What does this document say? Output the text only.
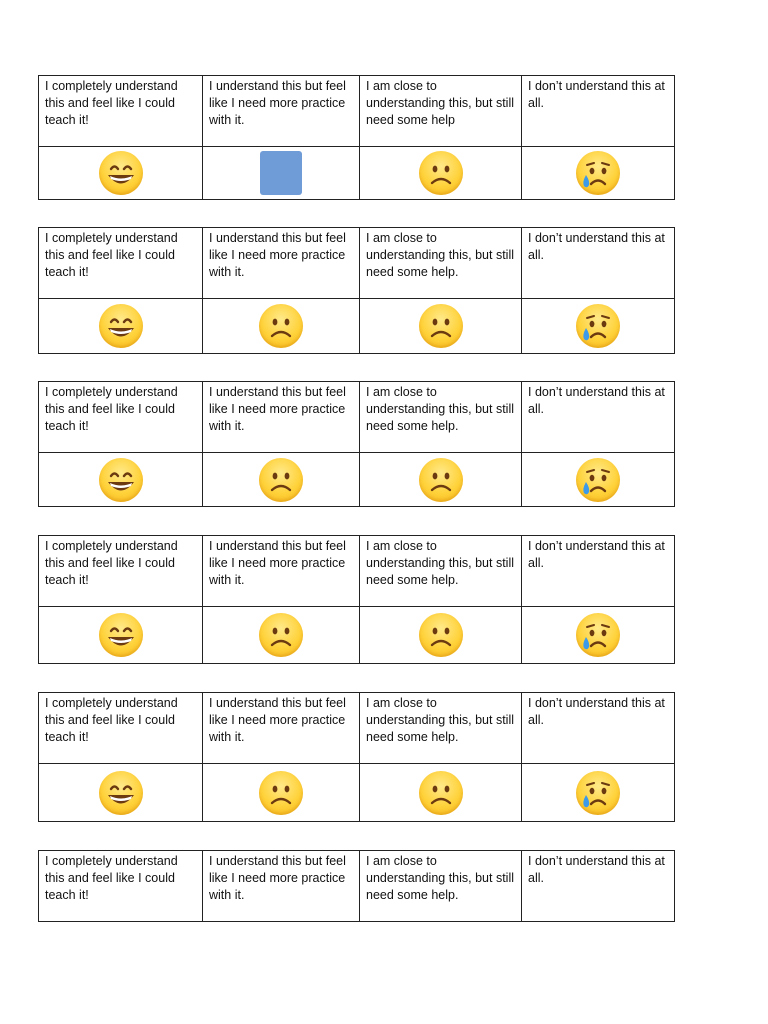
I completely understand this and feel like I could teach it!	I understand this but feel like I need more practice with it.	I am close to understanding this, but still need some help	I don’t understand this at all.

I completely understand this and feel like I could teach it!	I understand this but feel like I need more practice with it.	I am close to understanding this, but still need some help.	I don’t understand this at all.

I completely understand this and feel like I could teach it!	I understand this but feel like I need more practice with it.	I am close to understanding this, but still need some help.	I don’t understand this at all.

I completely understand this and feel like I could teach it!	I understand this but feel like I need more practice with it.	I am close to understanding this, but still need some help.	I don’t understand this at all.

I completely understand this and feel like I could teach it!	I understand this but feel like I need more practice with it.	I am close to understanding this, but still need some help.	I don’t understand this at all.

I completely understand this and feel like I could teach it!	I understand this but feel like I need more practice with it.	I am close to understanding this, but still need some help.	I don’t understand this at all.
